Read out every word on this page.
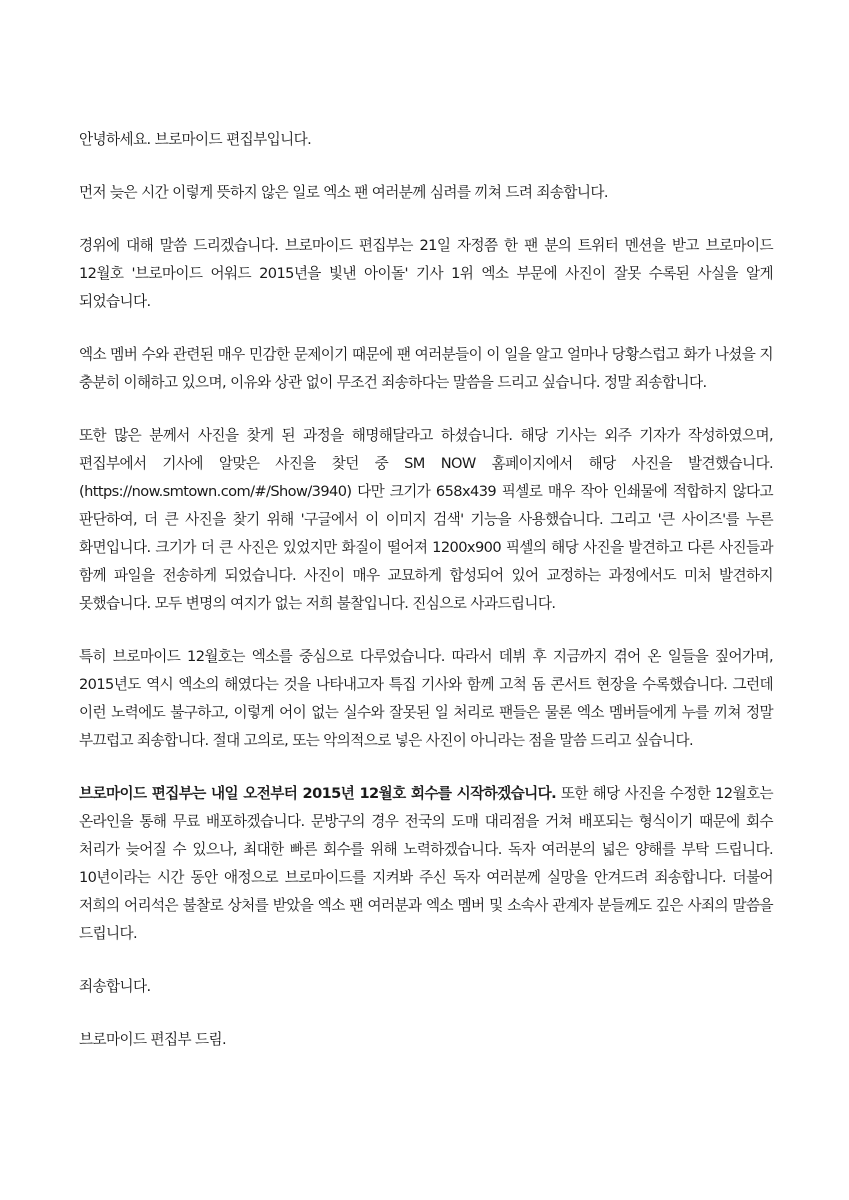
안녕하세요. 브로마이드 편집부입니다.

먼저 늦은 시간 이렇게 뜻하지 않은 일로 엑소 팬 여러분께 심려를 끼쳐 드려 죄송합니다.

경위에 대해 말씀 드리겠습니다. 브로마이드 편집부는 21일 자정쯤 한 팬 분의 트위터 멘션을 받고 브로마이드 12월호 '브로마이드 어워드 2015년을 빛낸 아이돌' 기사 1위 엑소 부문에 사진이 잘못 수록된 사실을 알게 되었습니다.

엑소 멤버 수와 관련된 매우 민감한 문제이기 때문에 팬 여러분들이 이 일을 알고 얼마나 당황스럽고 화가 나셨을 지 충분히 이해하고 있으며, 이유와 상관 없이 무조건 죄송하다는 말씀을 드리고 싶습니다. 정말 죄송합니다.

또한 많은 분께서 사진을 찾게 된 과정을 해명해달라고 하셨습니다. 해당 기사는 외주 기자가 작성하였으며, 편집부에서 기사에 알맞은 사진을 찾던 중 SM NOW 홈페이지에서 해당 사진을 발견했습니다. (https://now.smtown.com/#/Show/3940) 다만 크기가 658x439 픽셀로 매우 작아 인쇄물에 적합하지 않다고 판단하여, 더 큰 사진을 찾기 위해 '구글에서 이 이미지 검색' 기능을 사용했습니다. 그리고 '큰 사이즈'를 누른 화면입니다. 크기가 더 큰 사진은 있었지만 화질이 떨어져 1200x900 픽셀의 해당 사진을 발견하고 다른 사진들과 함께 파일을 전송하게 되었습니다. 사진이 매우 교묘하게 합성되어 있어 교정하는 과정에서도 미처 발견하지 못했습니다. 모두 변명의 여지가 없는 저희 불찰입니다. 진심으로 사과드립니다.

특히 브로마이드 12월호는 엑소를 중심으로 다루었습니다. 따라서 데뷔 후 지금까지 겪어 온 일들을 짚어가며, 2015년도 역시 엑소의 해였다는 것을 나타내고자 특집 기사와 함께 고척 돔 콘서트 현장을 수록했습니다. 그런데 이런 노력에도 불구하고, 이렇게 어이 없는 실수와 잘못된 일 처리로 팬들은 물론 엑소 멤버들에게 누를 끼쳐 정말 부끄럽고 죄송합니다. 절대 고의로, 또는 악의적으로 넣은 사진이 아니라는 점을 말씀 드리고 싶습니다.

브로마이드 편집부는 내일 오전부터 2015년 12월호 회수를 시작하겠습니다. 또한 해당 사진을 수정한 12월호는 온라인을 통해 무료 배포하겠습니다. 문방구의 경우 전국의 도매 대리점을 거쳐 배포되는 형식이기 때문에 회수 처리가 늦어질 수 있으나, 최대한 빠른 회수를 위해 노력하겠습니다. 독자 여러분의 넓은 양해를 부탁 드립니다. 10년이라는 시간 동안 애정으로 브로마이드를 지켜봐 주신 독자 여러분께 실망을 안겨드려 죄송합니다. 더불어 저희의 어리석은 불찰로 상처를 받았을 엑소 팬 여러분과 엑소 멤버 및 소속사 관계자 분들께도 깊은 사죄의 말씀을 드립니다.

죄송합니다.

브로마이드 편집부 드림.
